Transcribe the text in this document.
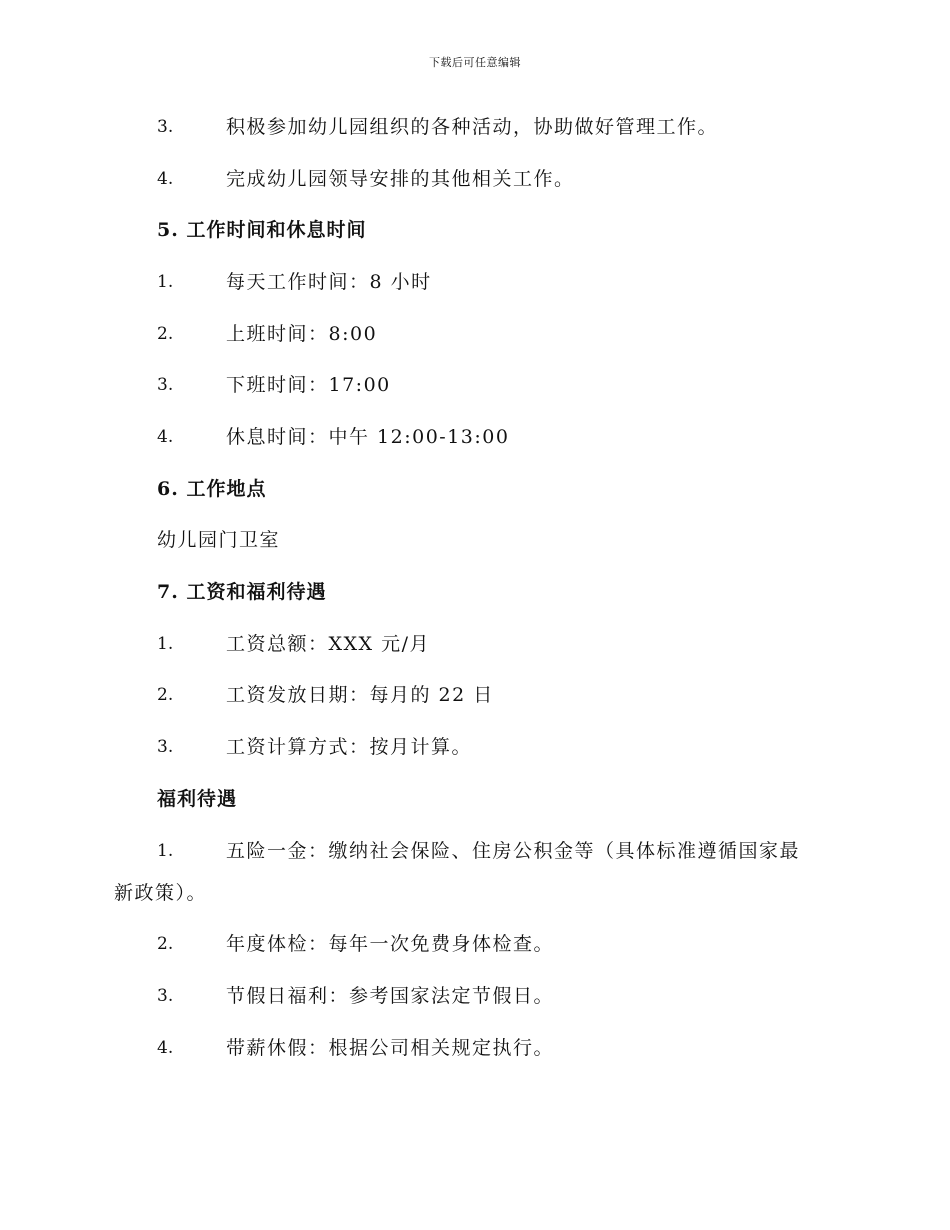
下载后可任意编辑
3.	积极参加幼儿园组织的各种活动，协助做好管理工作。
4.	完成幼儿园领导安排的其他相关工作。
5. 工作时间和休息时间
1.	每天工作时间：8 小时
2.	上班时间：8:00
3.	下班时间：17:00
4.	休息时间：中午 12:00-13:00
6. 工作地点
幼儿园门卫室
7. 工资和福利待遇
1.	工资总额：XXX 元/月
2.	工资发放日期：每月的 22 日
3.	工资计算方式：按月计算。
福利待遇
1.	五险一金：缴纳社会保险、住房公积金等（具体标准遵循国家最
新政策）。
2.	年度体检：每年一次免费身体检查。
3.	节假日福利：参考国家法定节假日。
4.	带薪休假：根据公司相关规定执行。
